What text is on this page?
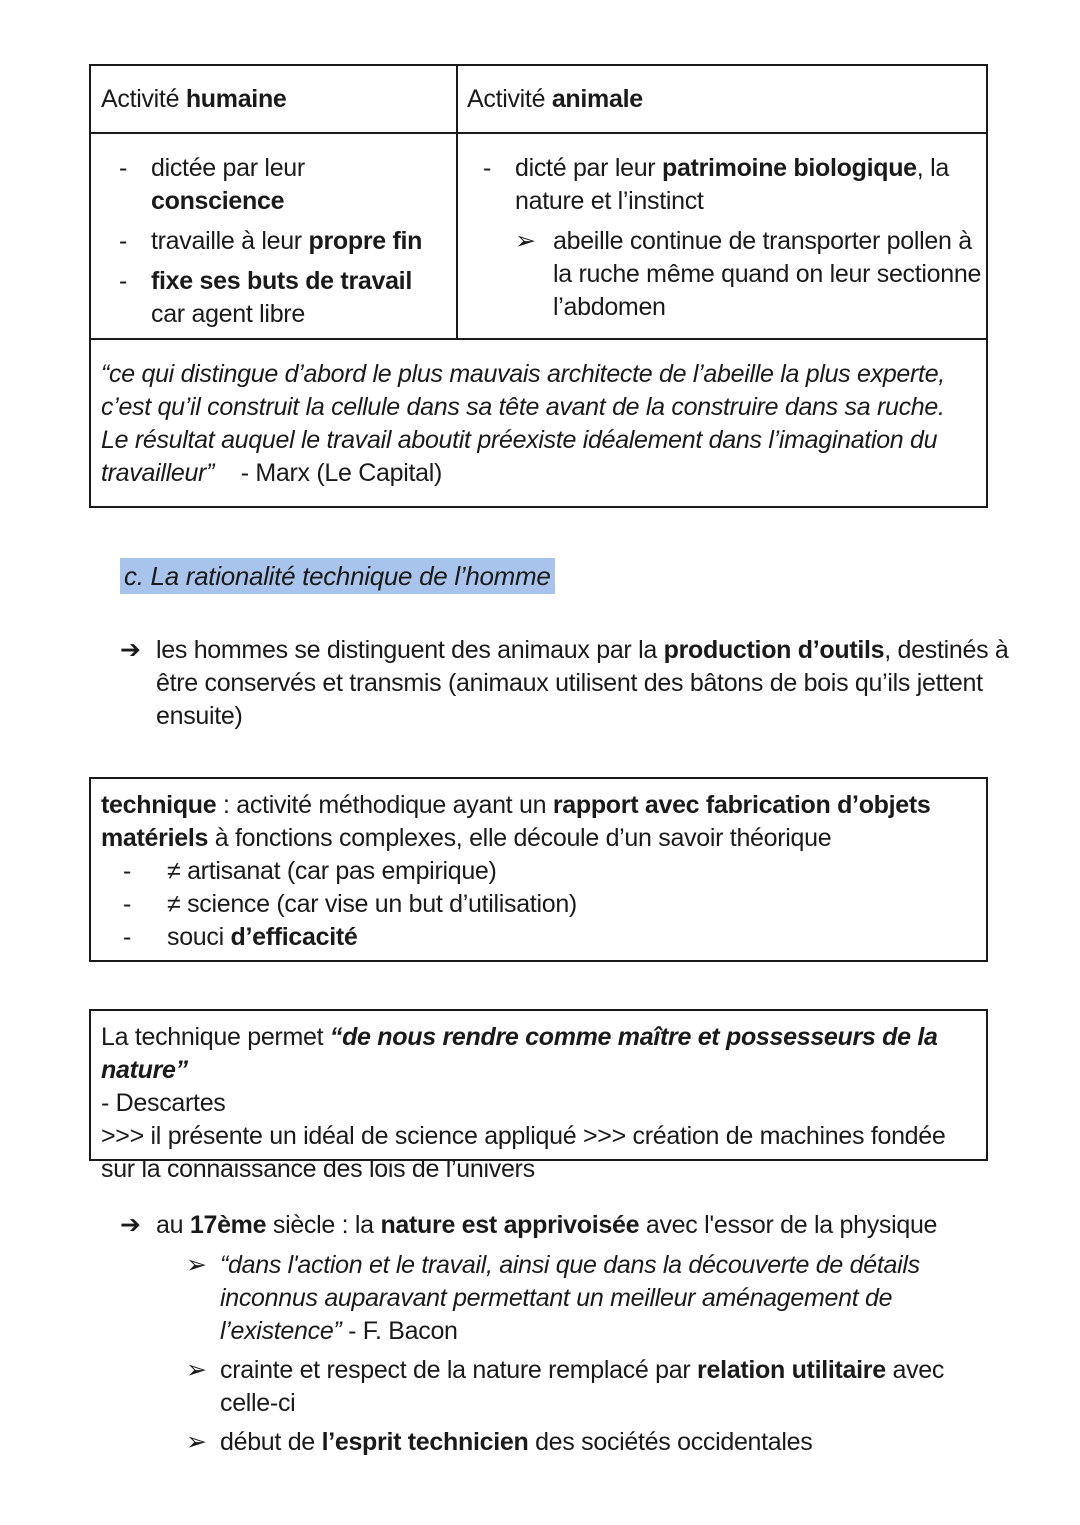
Activité humaine	Activité animale
- dictée par leur conscience
- travaille à leur propre fin
- fixe ses buts de travail car agent libre
- dicté par leur patrimoine biologique, la nature et l’instinct
➢ abeille continue de transporter pollen à la ruche même quand on leur sectionne l’abdomen
“ce qui distingue d’abord le plus mauvais architecte de l’abeille la plus experte, c’est qu’il construit la cellule dans sa tête avant de la construire dans sa ruche. Le résultat auquel le travail aboutit préexiste idéalement dans l’imagination du travailleur” - Marx (Le Capital)
c. La rationalité technique de l’homme
➔ les hommes se distinguent des animaux par la production d’outils, destinés à être conservés et transmis (animaux utilisent des bâtons de bois qu’ils jettent ensuite)
technique : activité méthodique ayant un rapport avec fabrication d’objets matériels à fonctions complexes, elle découle d’un savoir théorique
- ≠ artisanat (car pas empirique)
- ≠ science (car vise un but d’utilisation)
- souci d’efficacité
La technique permet “de nous rendre comme maître et possesseurs de la nature”
- Descartes
>>> il présente un idéal de science appliqué >>> création de machines fondée sur la connaissance des lois de l’univers
➔ au 17ème siècle : la nature est apprivoisée avec l'essor de la physique
➢ “dans l'action et le travail, ainsi que dans la découverte de détails inconnus auparavant permettant un meilleur aménagement de l’existence” - F. Bacon
➢ crainte et respect de la nature remplacé par relation utilitaire avec celle-ci
➢ début de l’esprit technicien des sociétés occidentales
